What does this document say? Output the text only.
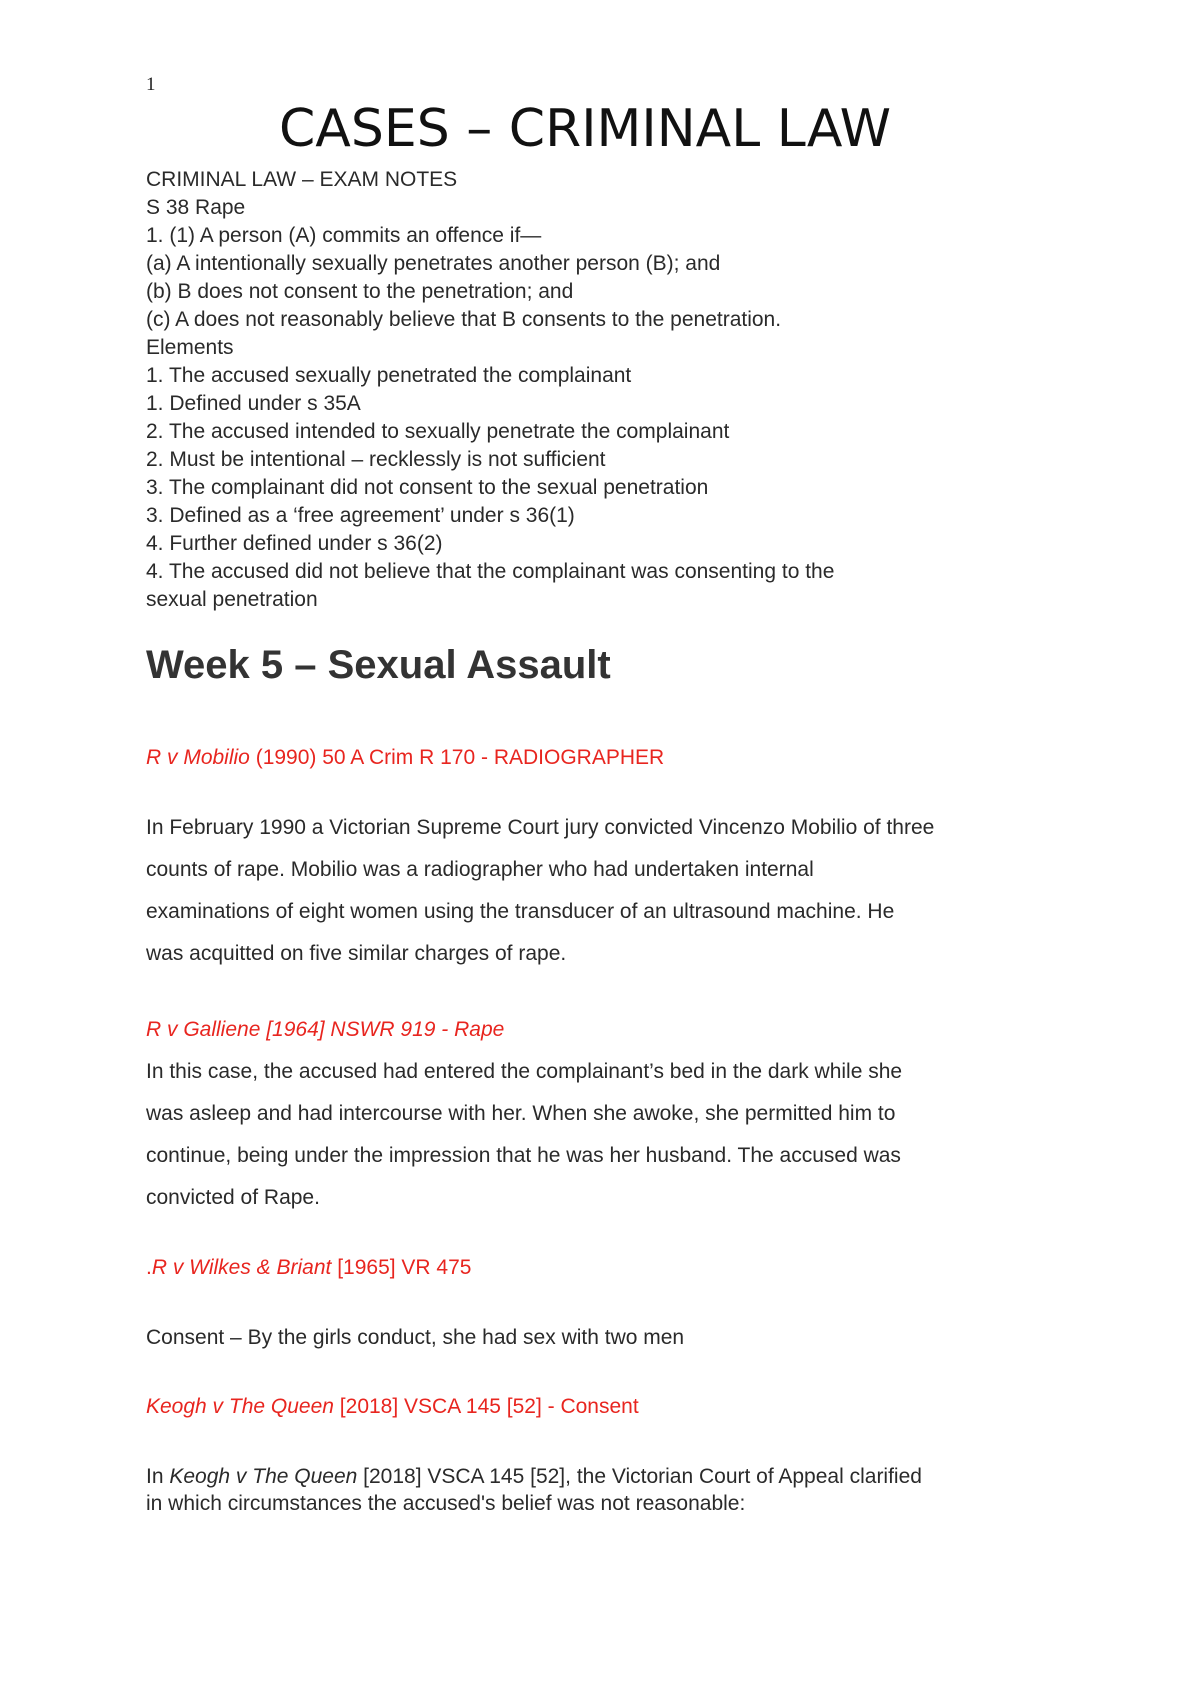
1
CASES – CRIMINAL LAW
CRIMINAL LAW – EXAM NOTES
S 38 Rape
1. (1) A person (A) commits an offence if—
(a) A intentionally sexually penetrates another person (B); and
(b) B does not consent to the penetration; and
(c) A does not reasonably believe that B consents to the penetration.
Elements
1. The accused sexually penetrated the complainant
1. Defined under s 35A
2. The accused intended to sexually penetrate the complainant
2. Must be intentional – recklessly is not sufficient
3. The complainant did not consent to the sexual penetration
3. Defined as a ‘free agreement’ under s 36(1)
4. Further defined under s 36(2)
4. The accused did not believe that the complainant was consenting to the
sexual penetration
Week 5 – Sexual Assault
R v Mobilio (1990) 50 A Crim R 170 - RADIOGRAPHER
In February 1990 a Victorian Supreme Court jury convicted Vincenzo Mobilio of three
counts of rape. Mobilio was a radiographer who had undertaken internal
examinations of eight women using the transducer of an ultrasound machine. He
was acquitted on five similar charges of rape.
R v Galliene [1964] NSWR 919 - Rape
In this case, the accused had entered the complainant’s bed in the dark while she
was asleep and had intercourse with her. When she awoke, she permitted him to
continue, being under the impression that he was her husband. The accused was
convicted of Rape.
.R v Wilkes & Briant [1965] VR 475
Consent – By the girls conduct, she had sex with two men
Keogh v The Queen [2018] VSCA 145 [52] - Consent
In Keogh v The Queen [2018] VSCA 145 [52], the Victorian Court of Appeal clarified
in which circumstances the accused's belief was not reasonable:
